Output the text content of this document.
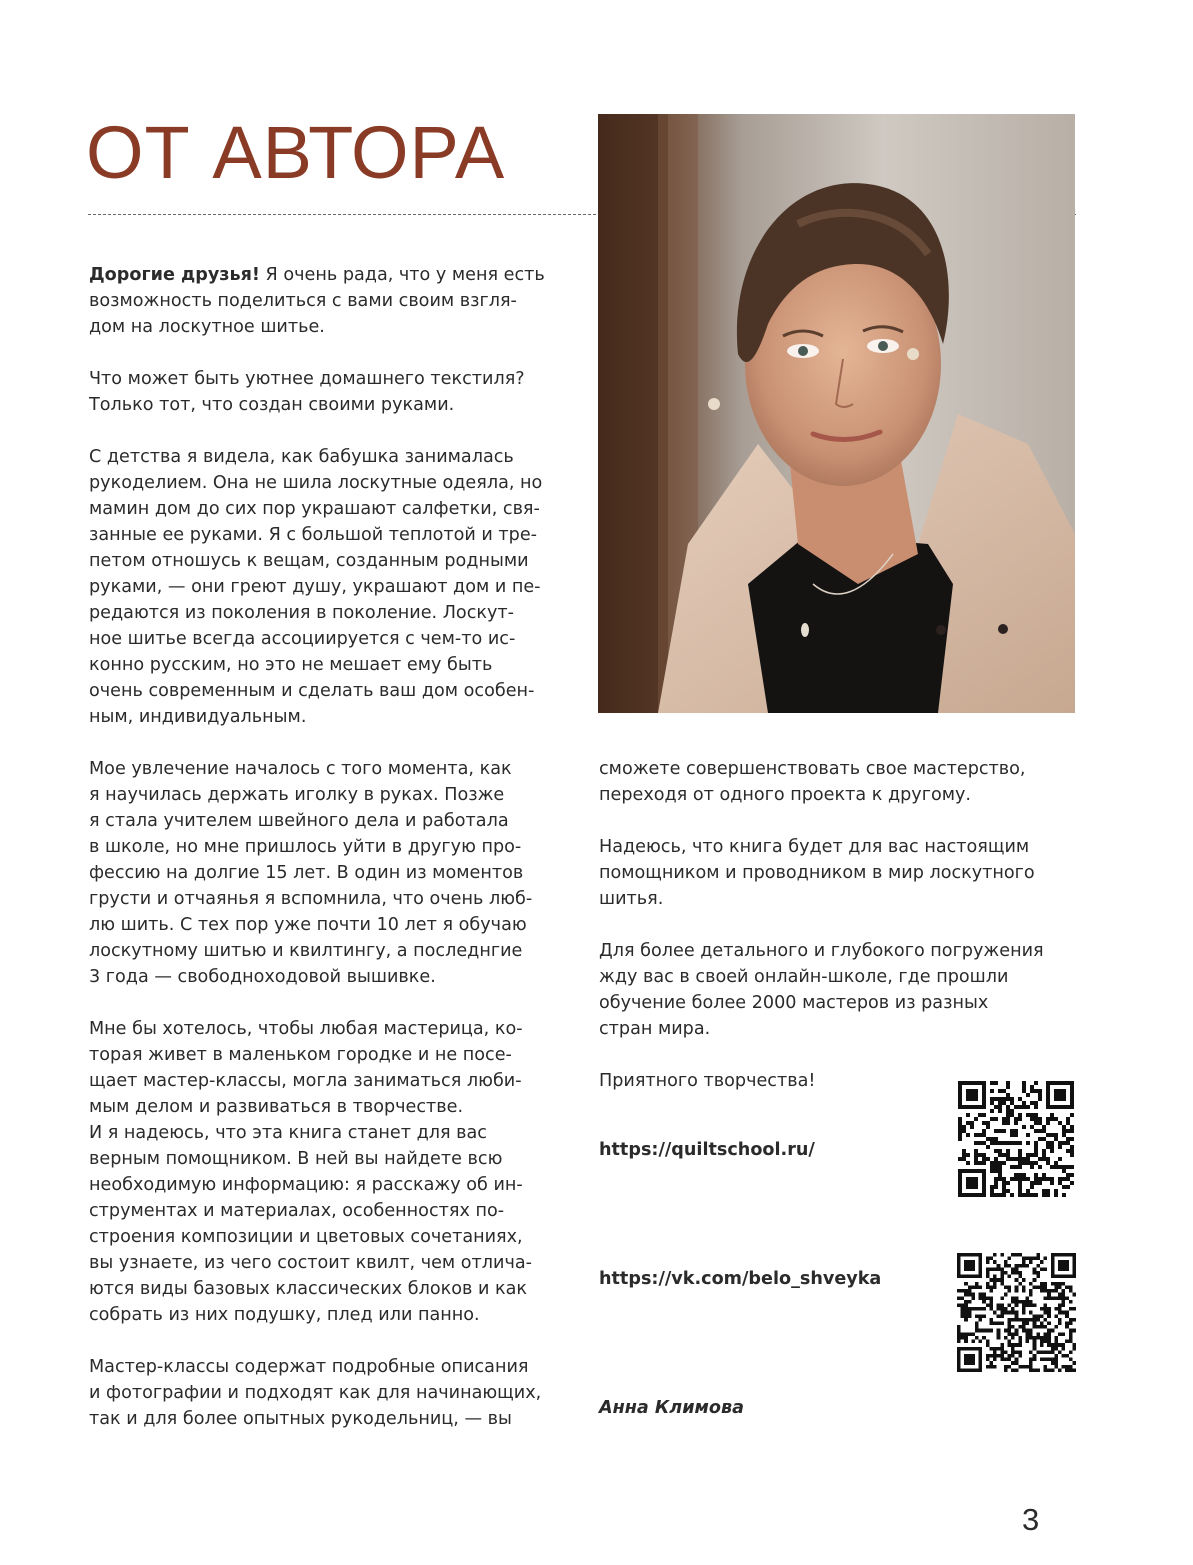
ОТ АВТОРА

Дорогие друзья! Я очень рада, что у меня есть
возможность поделиться с вами своим взгля-
дом на лоскутное шитье.

Что может быть уютнее домашнего текстиля?
Только тот, что создан своими руками.

С детства я видела, как бабушка занималась
рукоделием. Она не шила лоскутные одеяла, но
мамин дом до сих пор украшают салфетки, свя-
занные ее руками. Я с большой теплотой и тре-
петом отношусь к вещам, созданным родными
руками, — они греют душу, украшают дом и пе-
редаются из поколения в поколение. Лоскут-
ное шитье всегда ассоциируется с чем-то ис-
конно русским, но это не мешает ему быть
очень современным и сделать ваш дом особен-
ным, индивидуальным.

Мое увлечение началось с того момента, как
я научилась держать иголку в руках. Позже
я стала учителем швейного дела и работала
в школе, но мне пришлось уйти в другую про-
фессию на долгие 15 лет. В один из моментов
грусти и отчаянья я вспомнила, что очень люб-
лю шить. С тех пор уже почти 10 лет я обучаю
лоскутному шитью и квилтингу, а последнгие
3 года — свободноходовой вышивке.

Мне бы хотелось, чтобы любая мастерица, ко-
торая живет в маленьком городке и не посе-
щает мастер-классы, могла заниматься люби-
мым делом и развиваться в творчестве.
И я надеюсь, что эта книга станет для вас
верным помощником. В ней вы найдете всю
необходимую информацию: я расскажу об ин-
струментах и материалах, особенностях по-
строения композиции и цветовых сочетаниях,
вы узнаете, из чего состоит квилт, чем отлича-
ются виды базовых классических блоков и как
собрать из них подушку, плед или панно.

Мастер-классы содержат подробные описания
и фотографии и подходят как для начинающих,
так и для более опытных рукодельниц, — вы

сможете совершенствовать свое мастерство,
переходя от одного проекта к другому.

Надеюсь, что книга будет для вас настоящим
помощником и проводником в мир лоскутного
шитья.

Для более детального и глубокого погружения
жду вас в своей онлайн-школе, где прошли
обучение более 2000 мастеров из разных
стран мира.

Приятного творчества!

https://quiltschool.ru/
https://vk.com/belo_shveyka
Анна Климова
3
